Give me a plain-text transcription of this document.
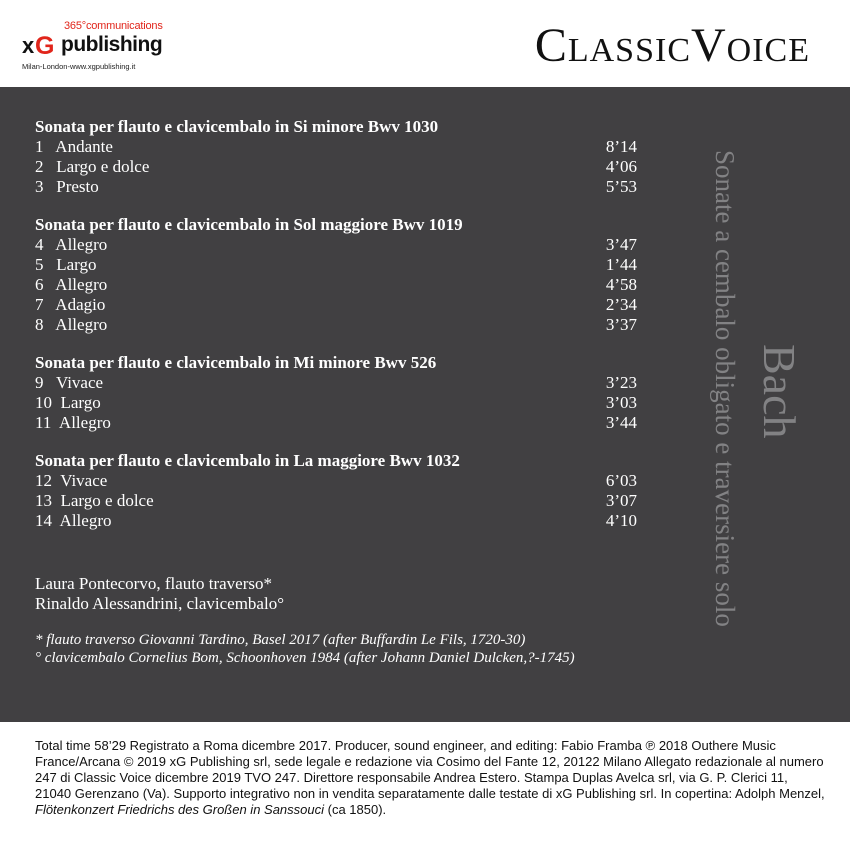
365°communications
x G publishing
Milan-London-www.xgpublishing.it	ClassicVoice
Sonata per flauto e clavicembalo in Si minore Bwv 1030
1   Andante	8’14
2   Largo e dolce	4’06
3   Presto	5’53
Sonata per flauto e clavicembalo in Sol maggiore Bwv 1019
4   Allegro	3’47
5   Largo	1’44
6   Allegro	4’58
7   Adagio	2’34
8   Allegro	3’37
Sonata per flauto e clavicembalo in Mi minore Bwv 526
9   Vivace	3’23
10  Largo	3’03
11  Allegro	3’44
Sonata per flauto e clavicembalo in La maggiore Bwv 1032
12  Vivace	6’03
13  Largo e dolce	3’07
14  Allegro	4’10
Laura Pontecorvo, flauto traverso*
Rinaldo Alessandrini, clavicembalo°
* flauto traverso Giovanni Tardino, Basel 2017 (after Buffardin Le Fils, 1720-30)
° clavicembalo Cornelius Bom, Schoonhoven 1984 (after Johann Daniel Dulcken,?-1745)
Bach
Sonate a cembalo obligato e traversiere solo
Total time 58’29 Registrato a Roma dicembre 2017. Producer, sound engineer, and editing: Fabio Framba ℗ 2018 Outhere Music France/Arcana © 2019 xG Publishing srl, sede legale e redazione via Cosimo del Fante 12, 20122 Milano Allegato redazionale al numero 247 di Classic Voice dicembre 2019 TVO 247. Direttore responsabile Andrea Estero. Stampa Duplas Avelca srl, via G. P. Clerici 11, 21040 Gerenzano (Va). Supporto integrativo non in vendita separatamente dalle testate di xG Publishing srl. In copertina: Adolph Menzel, Flötenkonzert Friedrichs des Großen in Sanssouci (ca 1850).
